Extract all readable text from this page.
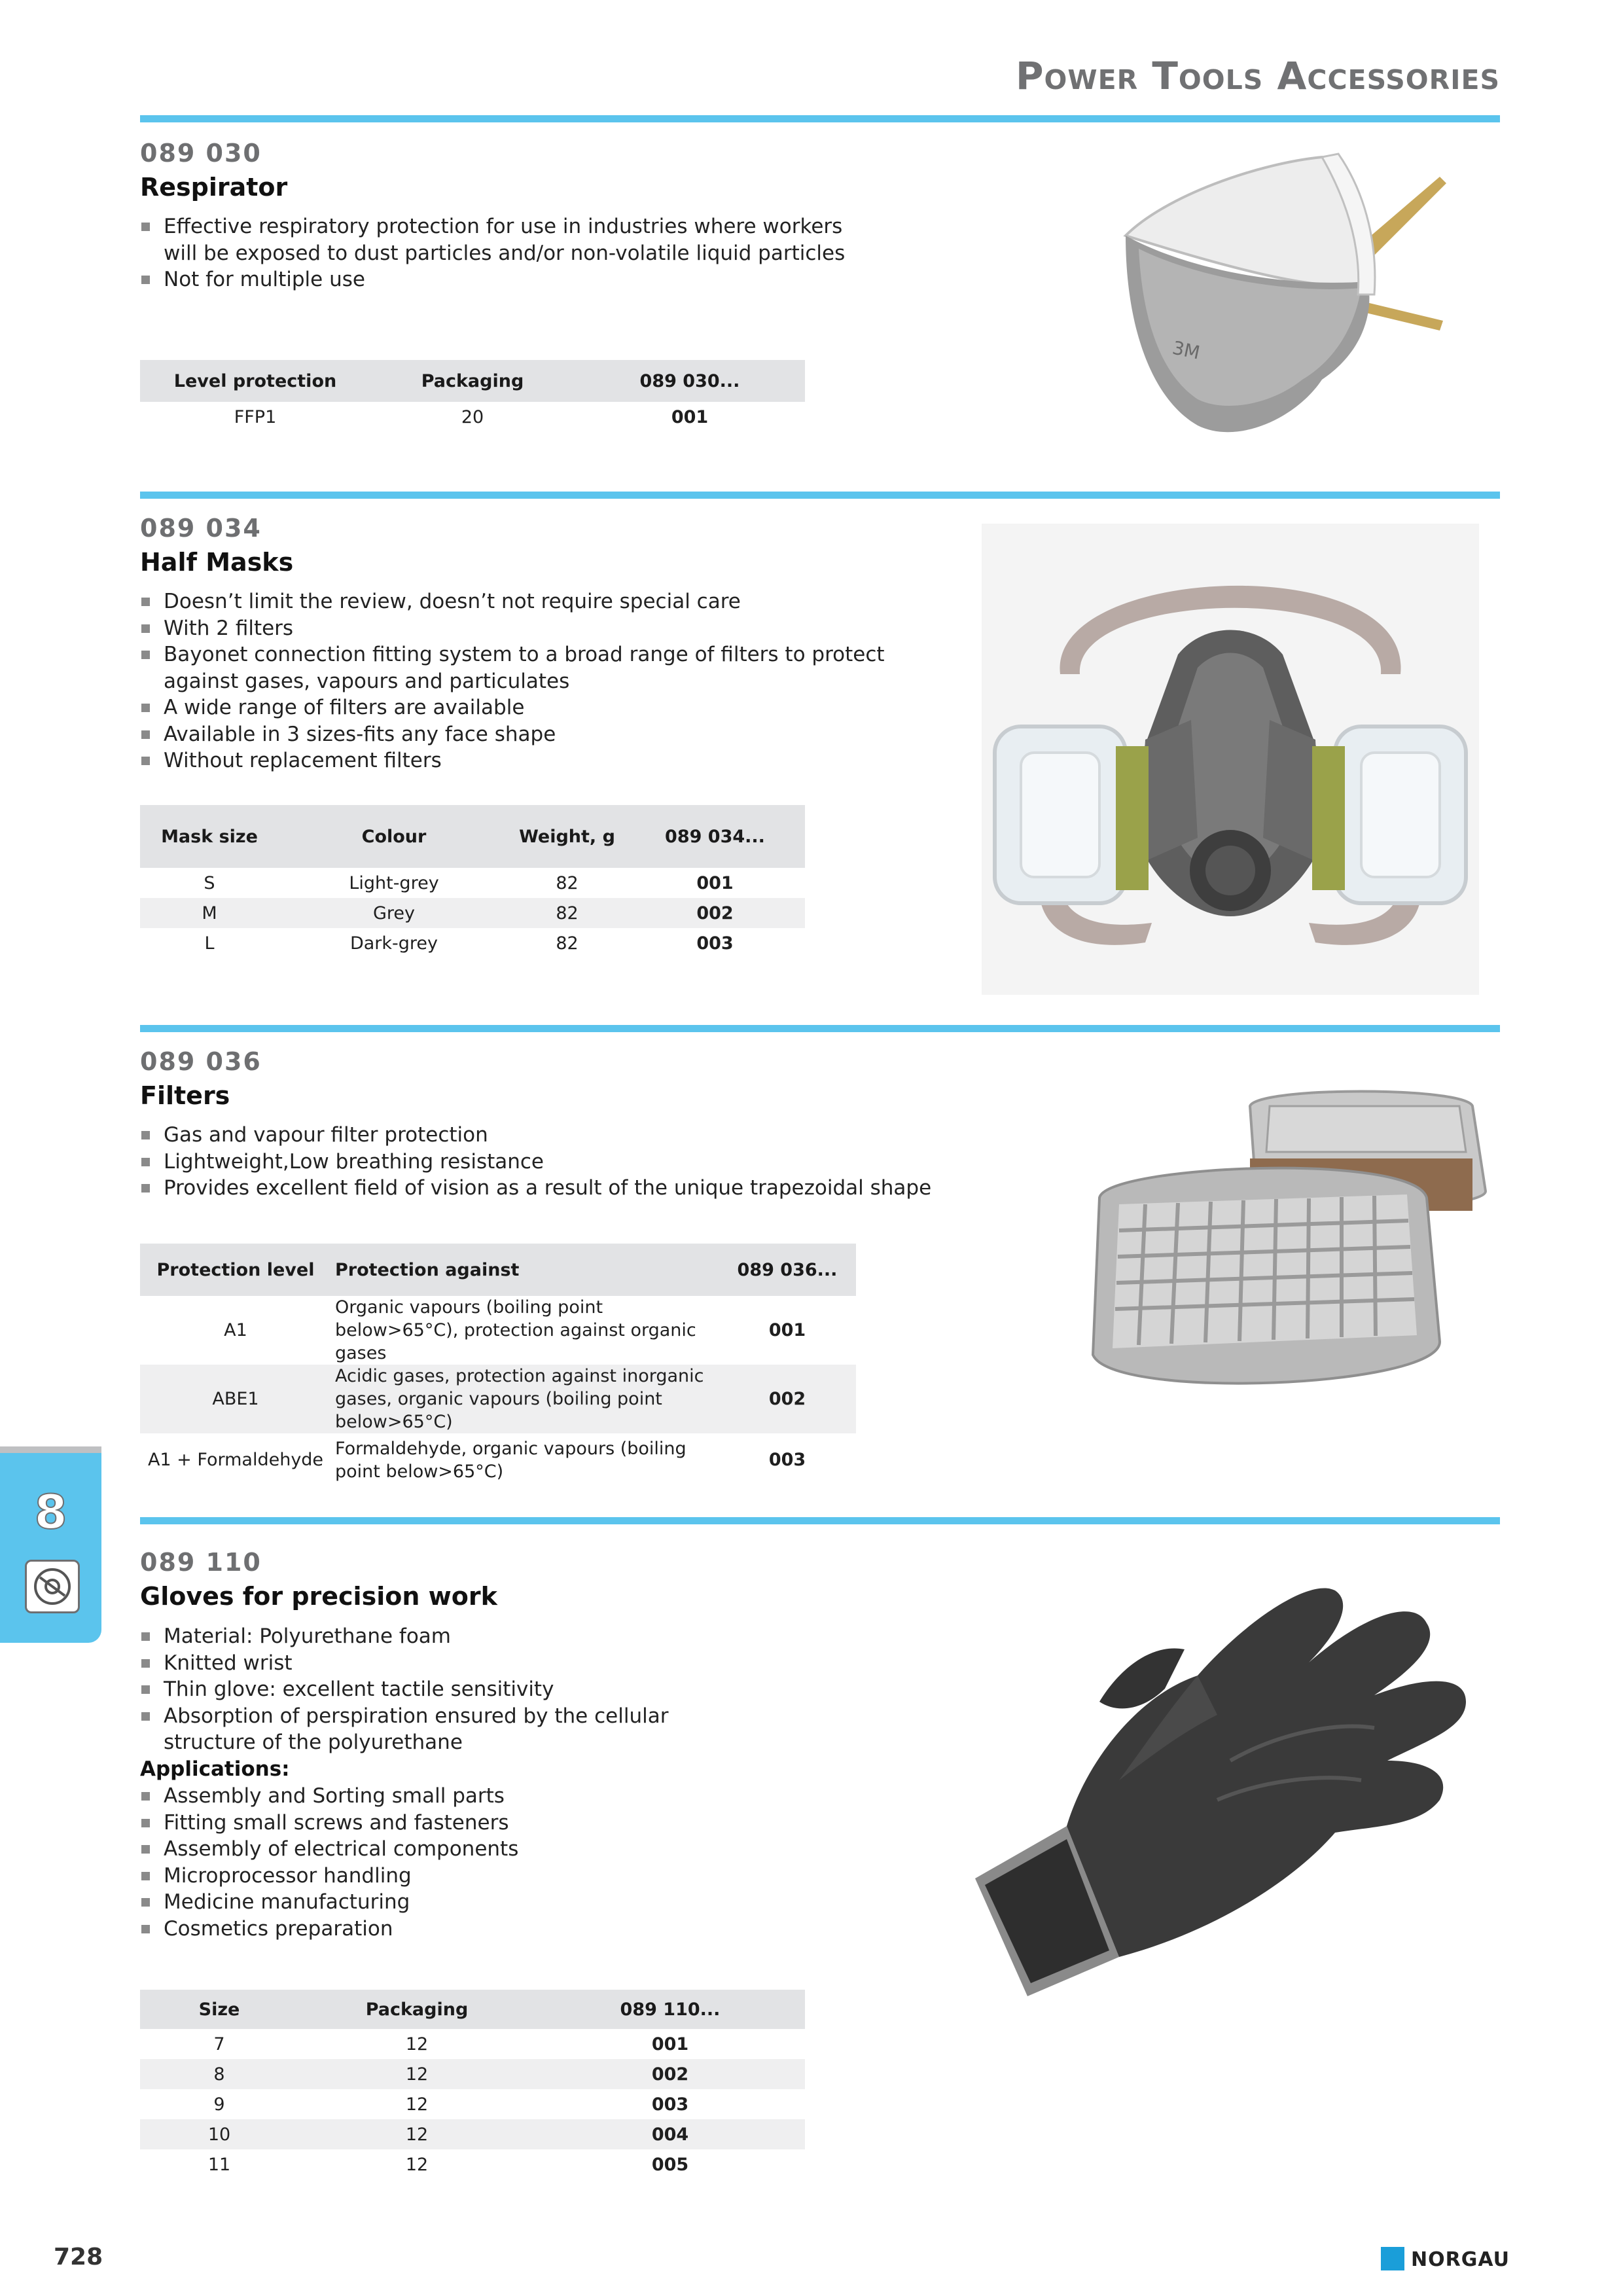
Power Tools Accessories
089 030
Respirator
Effective respiratory protection for use in industries where workers
will be exposed to dust particles and/or non-volatile liquid particles
Not for multiple use
Level protection	Packaging	089 030...
FFP1	20	001
3M
089 034
Half Masks
Doesn’t limit the review, doesn’t not require special care
With 2 filters
Bayonet connection fitting system to a broad range of filters to protect
against gases, vapours and particulates
A wide range of filters are available
Available in 3 sizes-fits any face shape
Without replacement filters
Mask size	Colour	Weight, g	089 034...
S	Light-grey	82	001
M	Grey	82	002
L	Dark-grey	82	003
089 036
Filters
Gas and vapour filter protection
Lightweight,Low breathing resistance
Provides excellent field of vision as a result of the unique trapezoidal shape
Protection level	Protection against	089 036...
A1	Organic vapours (boiling point below>65°C), protection against organic gases	001
ABE1	Acidic gases, protection against inorganic gases, organic vapours (boiling point below>65°C)	002
A1 + Formaldehyde	Formaldehyde, organic vapours (boiling point below>65°C)	003
8
089 110
Gloves for precision work
Material: Polyurethane foam
Knitted wrist
Thin glove: excellent tactile sensitivity
Absorption of perspiration ensured by the cellular
structure of the polyurethane
Applications:
Assembly and Sorting small parts
Fitting small screws and fasteners
Assembly of electrical components
Microprocessor handling
Medicine manufacturing
Cosmetics preparation
Size	Packaging	089 110...
7	12	001
8	12	002
9	12	003
10	12	004
11	12	005
728	NORGAU
